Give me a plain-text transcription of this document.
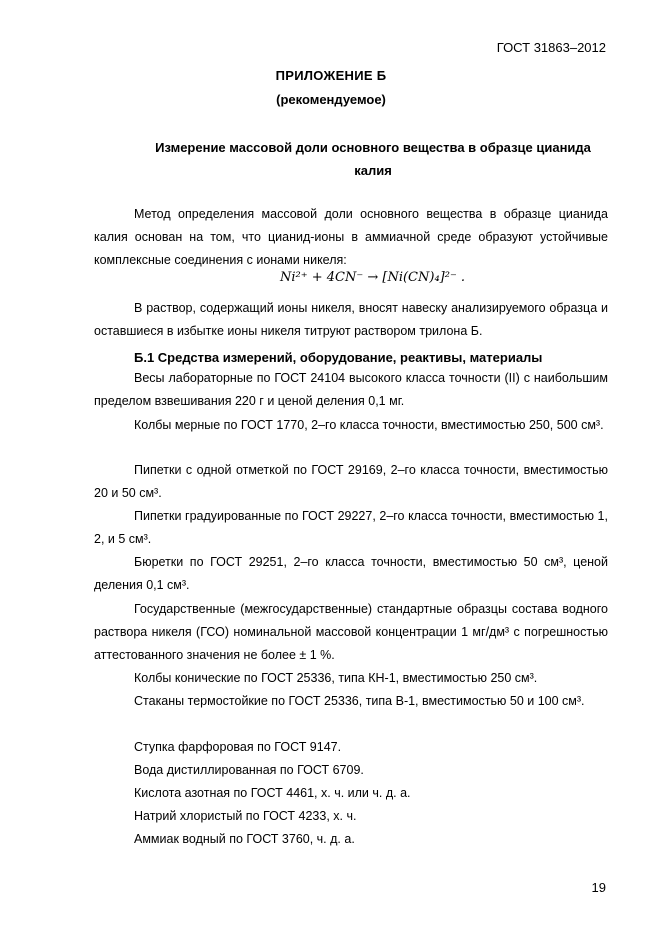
ГОСТ 31863–2012
ПРИЛОЖЕНИЕ Б
(рекомендуемое)
Измерение массовой доли основного вещества в образце цианида калия
Метод определения массовой доли основного вещества в образце цианида калия основан на том, что цианид-ионы в аммиачной среде образуют устойчивые комплексные соединения с ионами никеля:
Ni²⁺ + 4CN⁻ → [Ni(CN)₄]²⁻ .
В раствор, содержащий ионы никеля, вносят навеску анализируемого образца и оставшиеся в избытке ионы никеля титруют раствором трилона Б.
Б.1 Средства измерений, оборудование, реактивы, материалы
Весы лабораторные по ГОСТ 24104 высокого класса точности (II) с наибольшим пределом взвешивания 220 г и ценой деления 0,1 мг.
Колбы мерные по ГОСТ 1770, 2–го класса точности, вместимостью 250, 500 см³.
Пипетки с одной отметкой по ГОСТ 29169, 2–го класса точности, вместимостью 20 и 50 см³.
Пипетки градуированные по ГОСТ 29227, 2–го класса точности, вместимостью 1, 2, и 5 см³.
Бюретки по ГОСТ 29251, 2–го класса точности, вместимостью 50 см³, ценой деления 0,1 см³.
Государственные (межгосударственные) стандартные образцы состава водного раствора никеля (ГСО) номинальной массовой концентрации 1 мг/дм³ с погрешностью аттестованного значения не более ± 1 %.
Колбы конические по ГОСТ 25336, типа КН-1, вместимостью 250 см³.
Стаканы термостойкие по ГОСТ 25336, типа В-1, вместимостью 50 и 100 см³.
Ступка фарфоровая по ГОСТ 9147.
Вода дистиллированная по ГОСТ 6709.
Кислота азотная по ГОСТ 4461, х. ч. или ч. д. а.
Натрий хлористый по ГОСТ 4233, х. ч.
Аммиак водный по ГОСТ 3760, ч. д. а.
19
